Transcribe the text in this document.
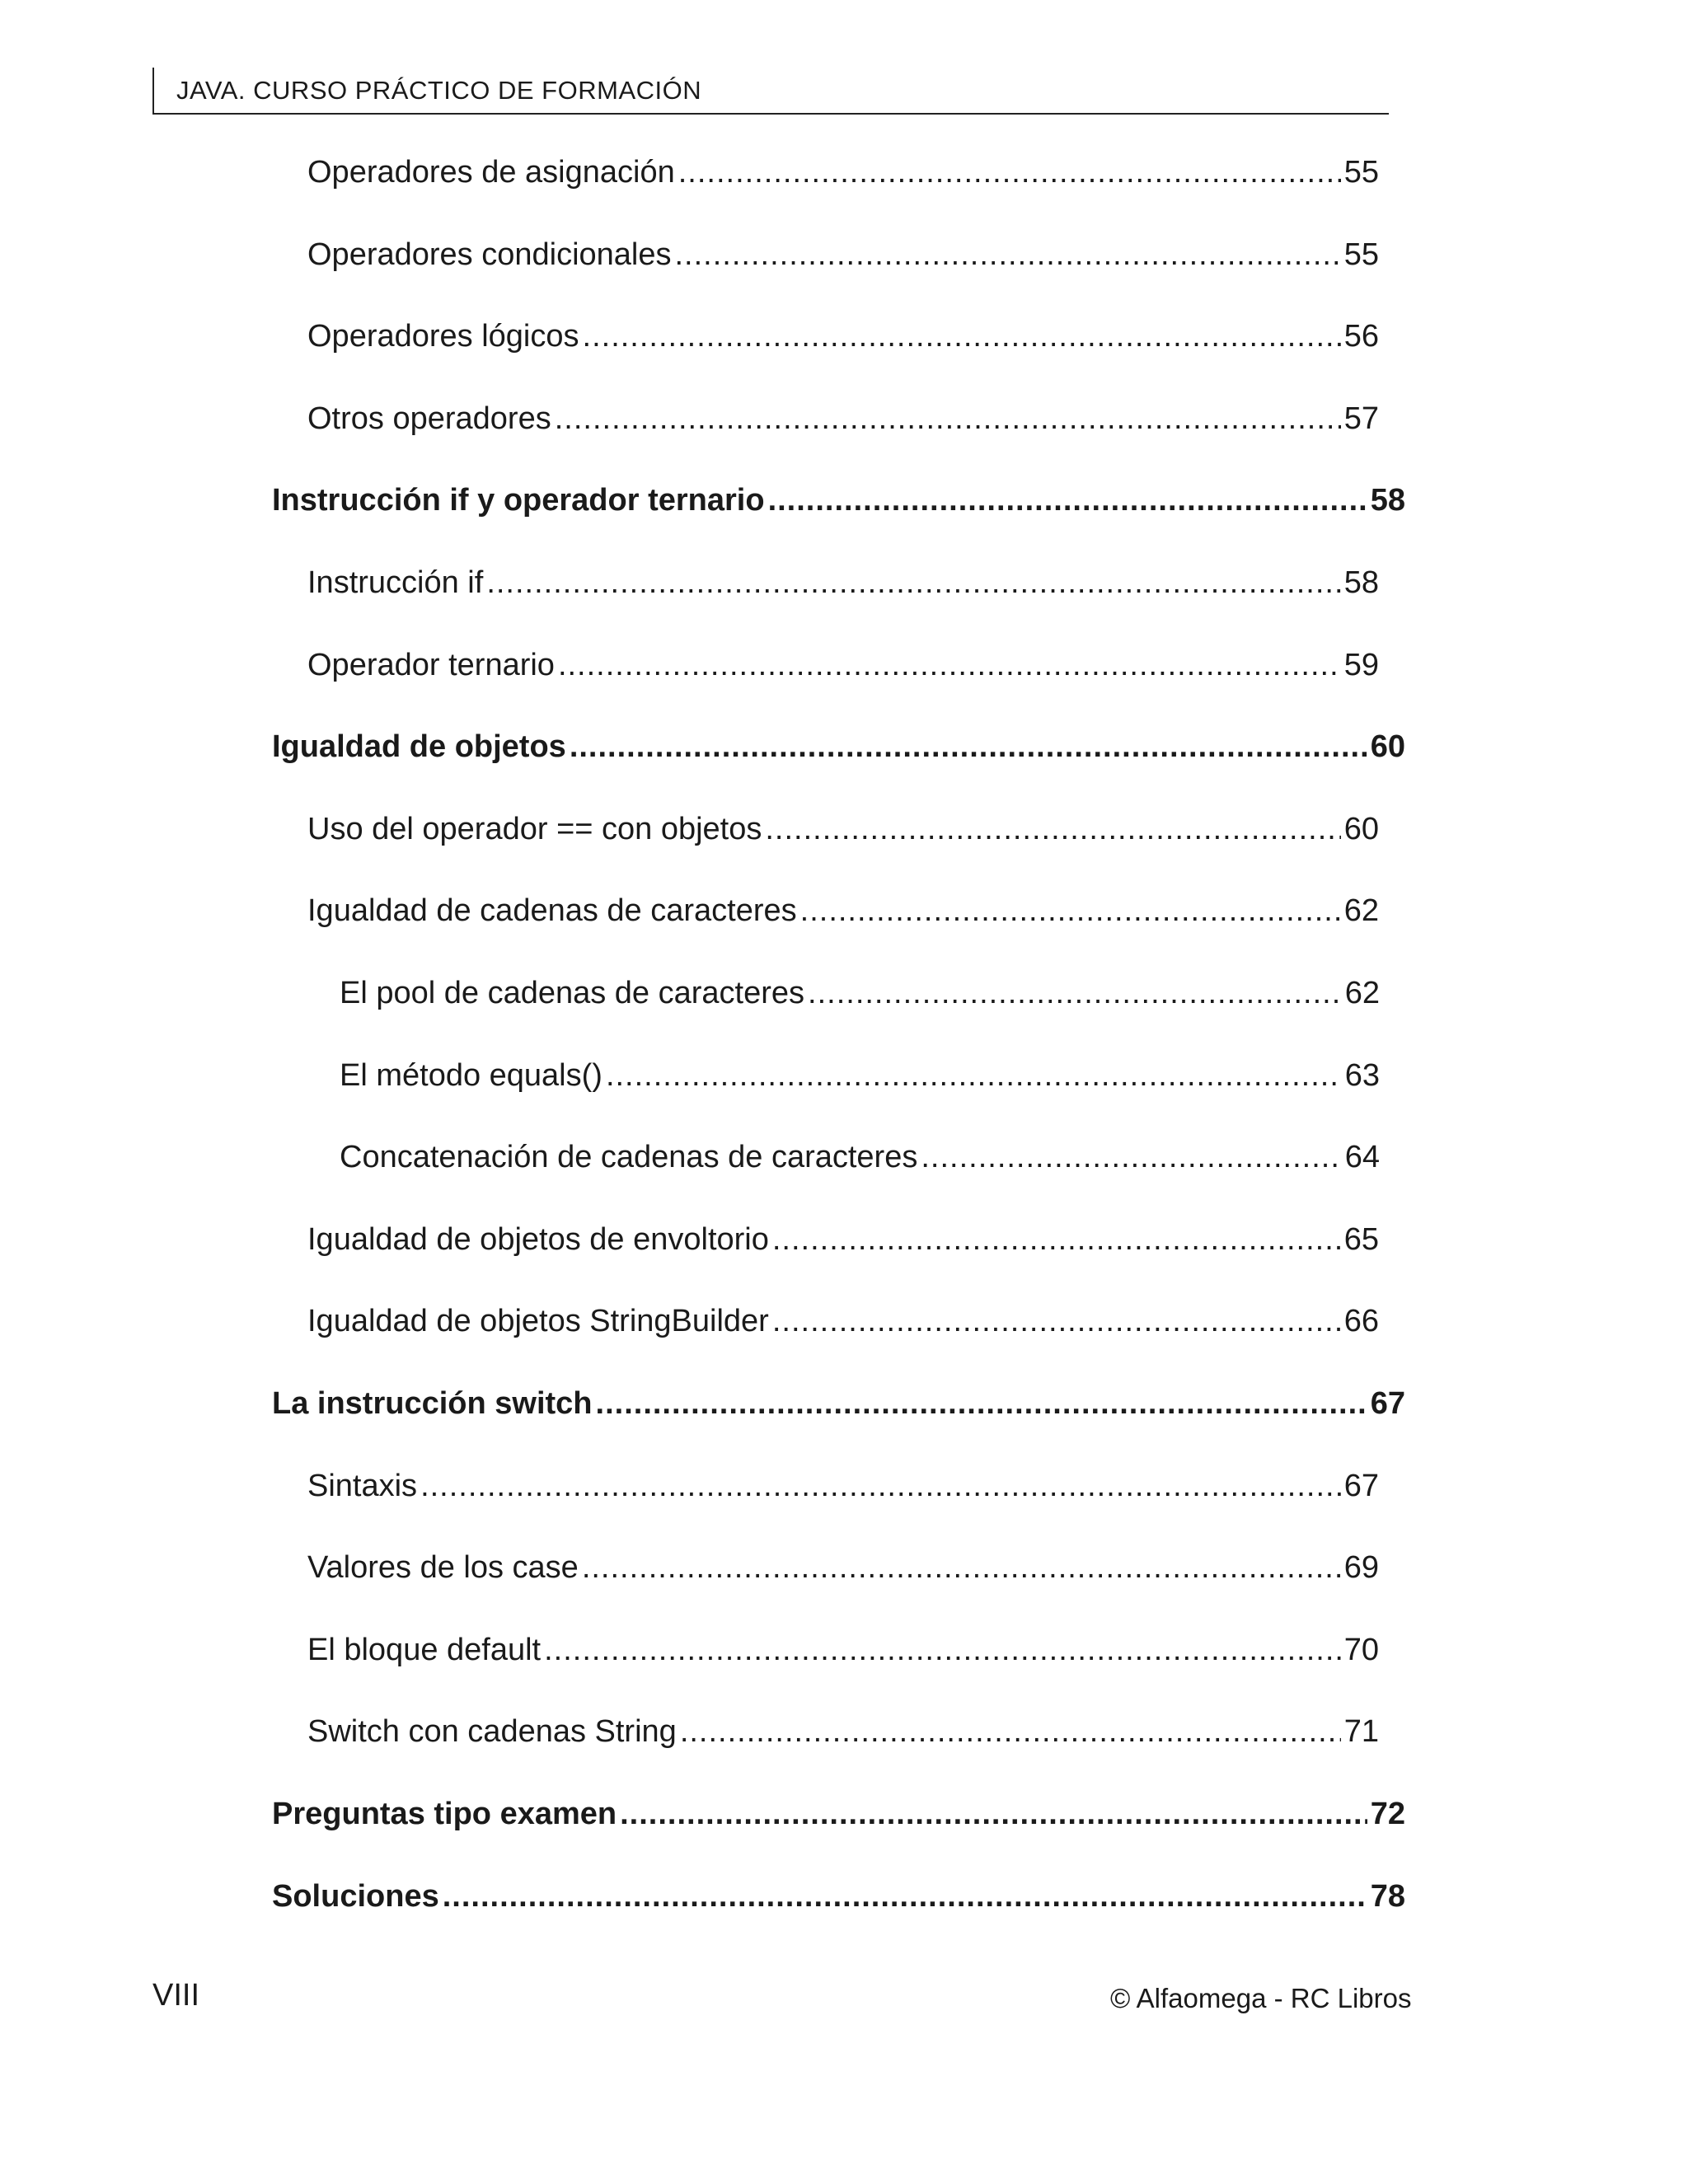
JAVA. CURSO PRÁCTICO DE FORMACIÓN
Operadores de asignación .....	55
Operadores condicionales .....	55
Operadores lógicos .....	56
Otros operadores .....	57
Instrucción if y operador ternario .....	58
Instrucción if .....	58
Operador ternario .....	59
Igualdad de objetos .....	60
Uso del operador == con objetos .....	60
Igualdad de cadenas de caracteres .....	62
El pool de cadenas de caracteres .....	62
El método equals() .....	63
Concatenación de cadenas de caracteres .....	64
Igualdad de objetos de envoltorio .....	65
Igualdad de objetos StringBuilder .....	66
La instrucción switch .....	67
Sintaxis .....	67
Valores de los case .....	69
El bloque default .....	70
Switch con cadenas String .....	71
Preguntas tipo examen .....	72
Soluciones .....	78
VIII	© Alfaomega - RC Libros
